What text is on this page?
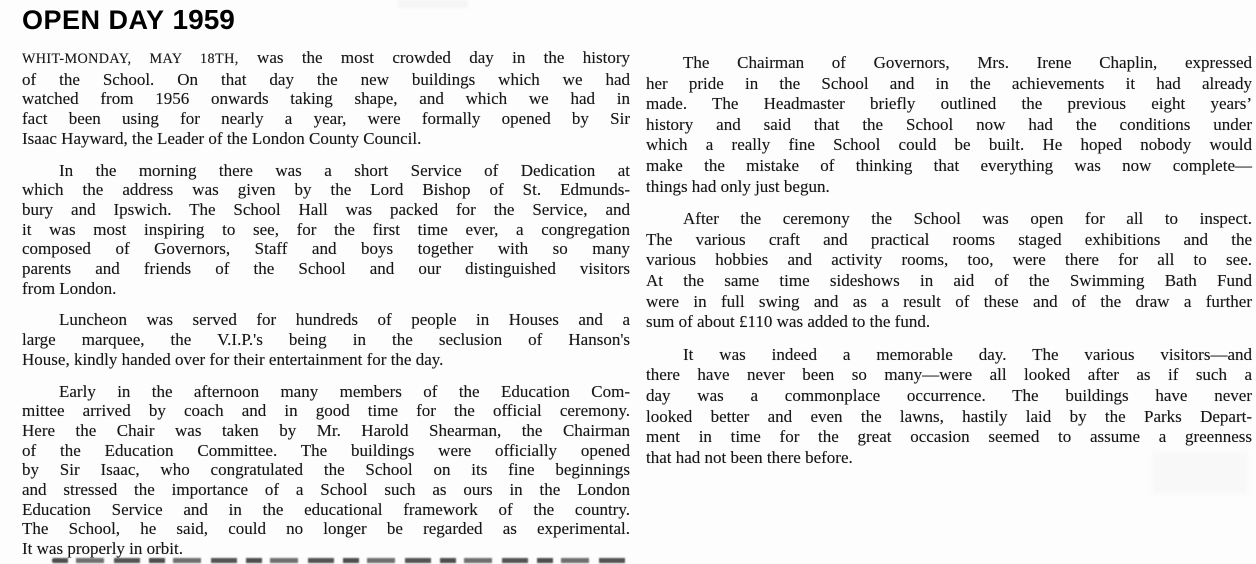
OPEN DAY 1959

WHIT-MONDAY, MAY 18TH, was the most crowded day in the history
of the School. On that day the new buildings which we had
watched from 1956 onwards taking shape, and which we had in
fact been using for nearly a year, were formally opened by Sir
Isaac Hayward, the Leader of the London County Council.

In the morning there was a short Service of Dedication at
which the address was given by the Lord Bishop of St. Edmunds-
bury and Ipswich. The School Hall was packed for the Service, and
it was most inspiring to see, for the first time ever, a congregation
composed of Governors, Staff and boys together with so many
parents and friends of the School and our distinguished visitors
from London.

Luncheon was served for hundreds of people in Houses and a
large marquee, the V.I.P.'s being in the seclusion of Hanson's
House, kindly handed over for their entertainment for the day.

Early in the afternoon many members of the Education Com-
mittee arrived by coach and in good time for the official ceremony.
Here the Chair was taken by Mr. Harold Shearman, the Chairman
of the Education Committee. The buildings were officially opened
by Sir Isaac, who congratulated the School on its fine beginnings
and stressed the importance of a School such as ours in the London
Education Service and in the educational framework of the country.
The School, he said, could no longer be regarded as experimental.
It was properly in orbit.

The Chairman of Governors, Mrs. Irene Chaplin, expressed
her pride in the School and in the achievements it had already
made. The Headmaster briefly outlined the previous eight years’
history and said that the School now had the conditions under
which a really fine School could be built. He hoped nobody would
make the mistake of thinking that everything was now complete—
things had only just begun.

After the ceremony the School was open for all to inspect.
The various craft and practical rooms staged exhibitions and the
various hobbies and activity rooms, too, were there for all to see.
At the same time sideshows in aid of the Swimming Bath Fund
were in full swing and as a result of these and of the draw a further
sum of about £110 was added to the fund.

It was indeed a memorable day. The various visitors—and
there have never been so many—were all looked after as if such a
day was a commonplace occurrence. The buildings have never
looked better and even the lawns, hastily laid by the Parks Depart-
ment in time for the great occasion seemed to assume a greenness
that had not been there before.
